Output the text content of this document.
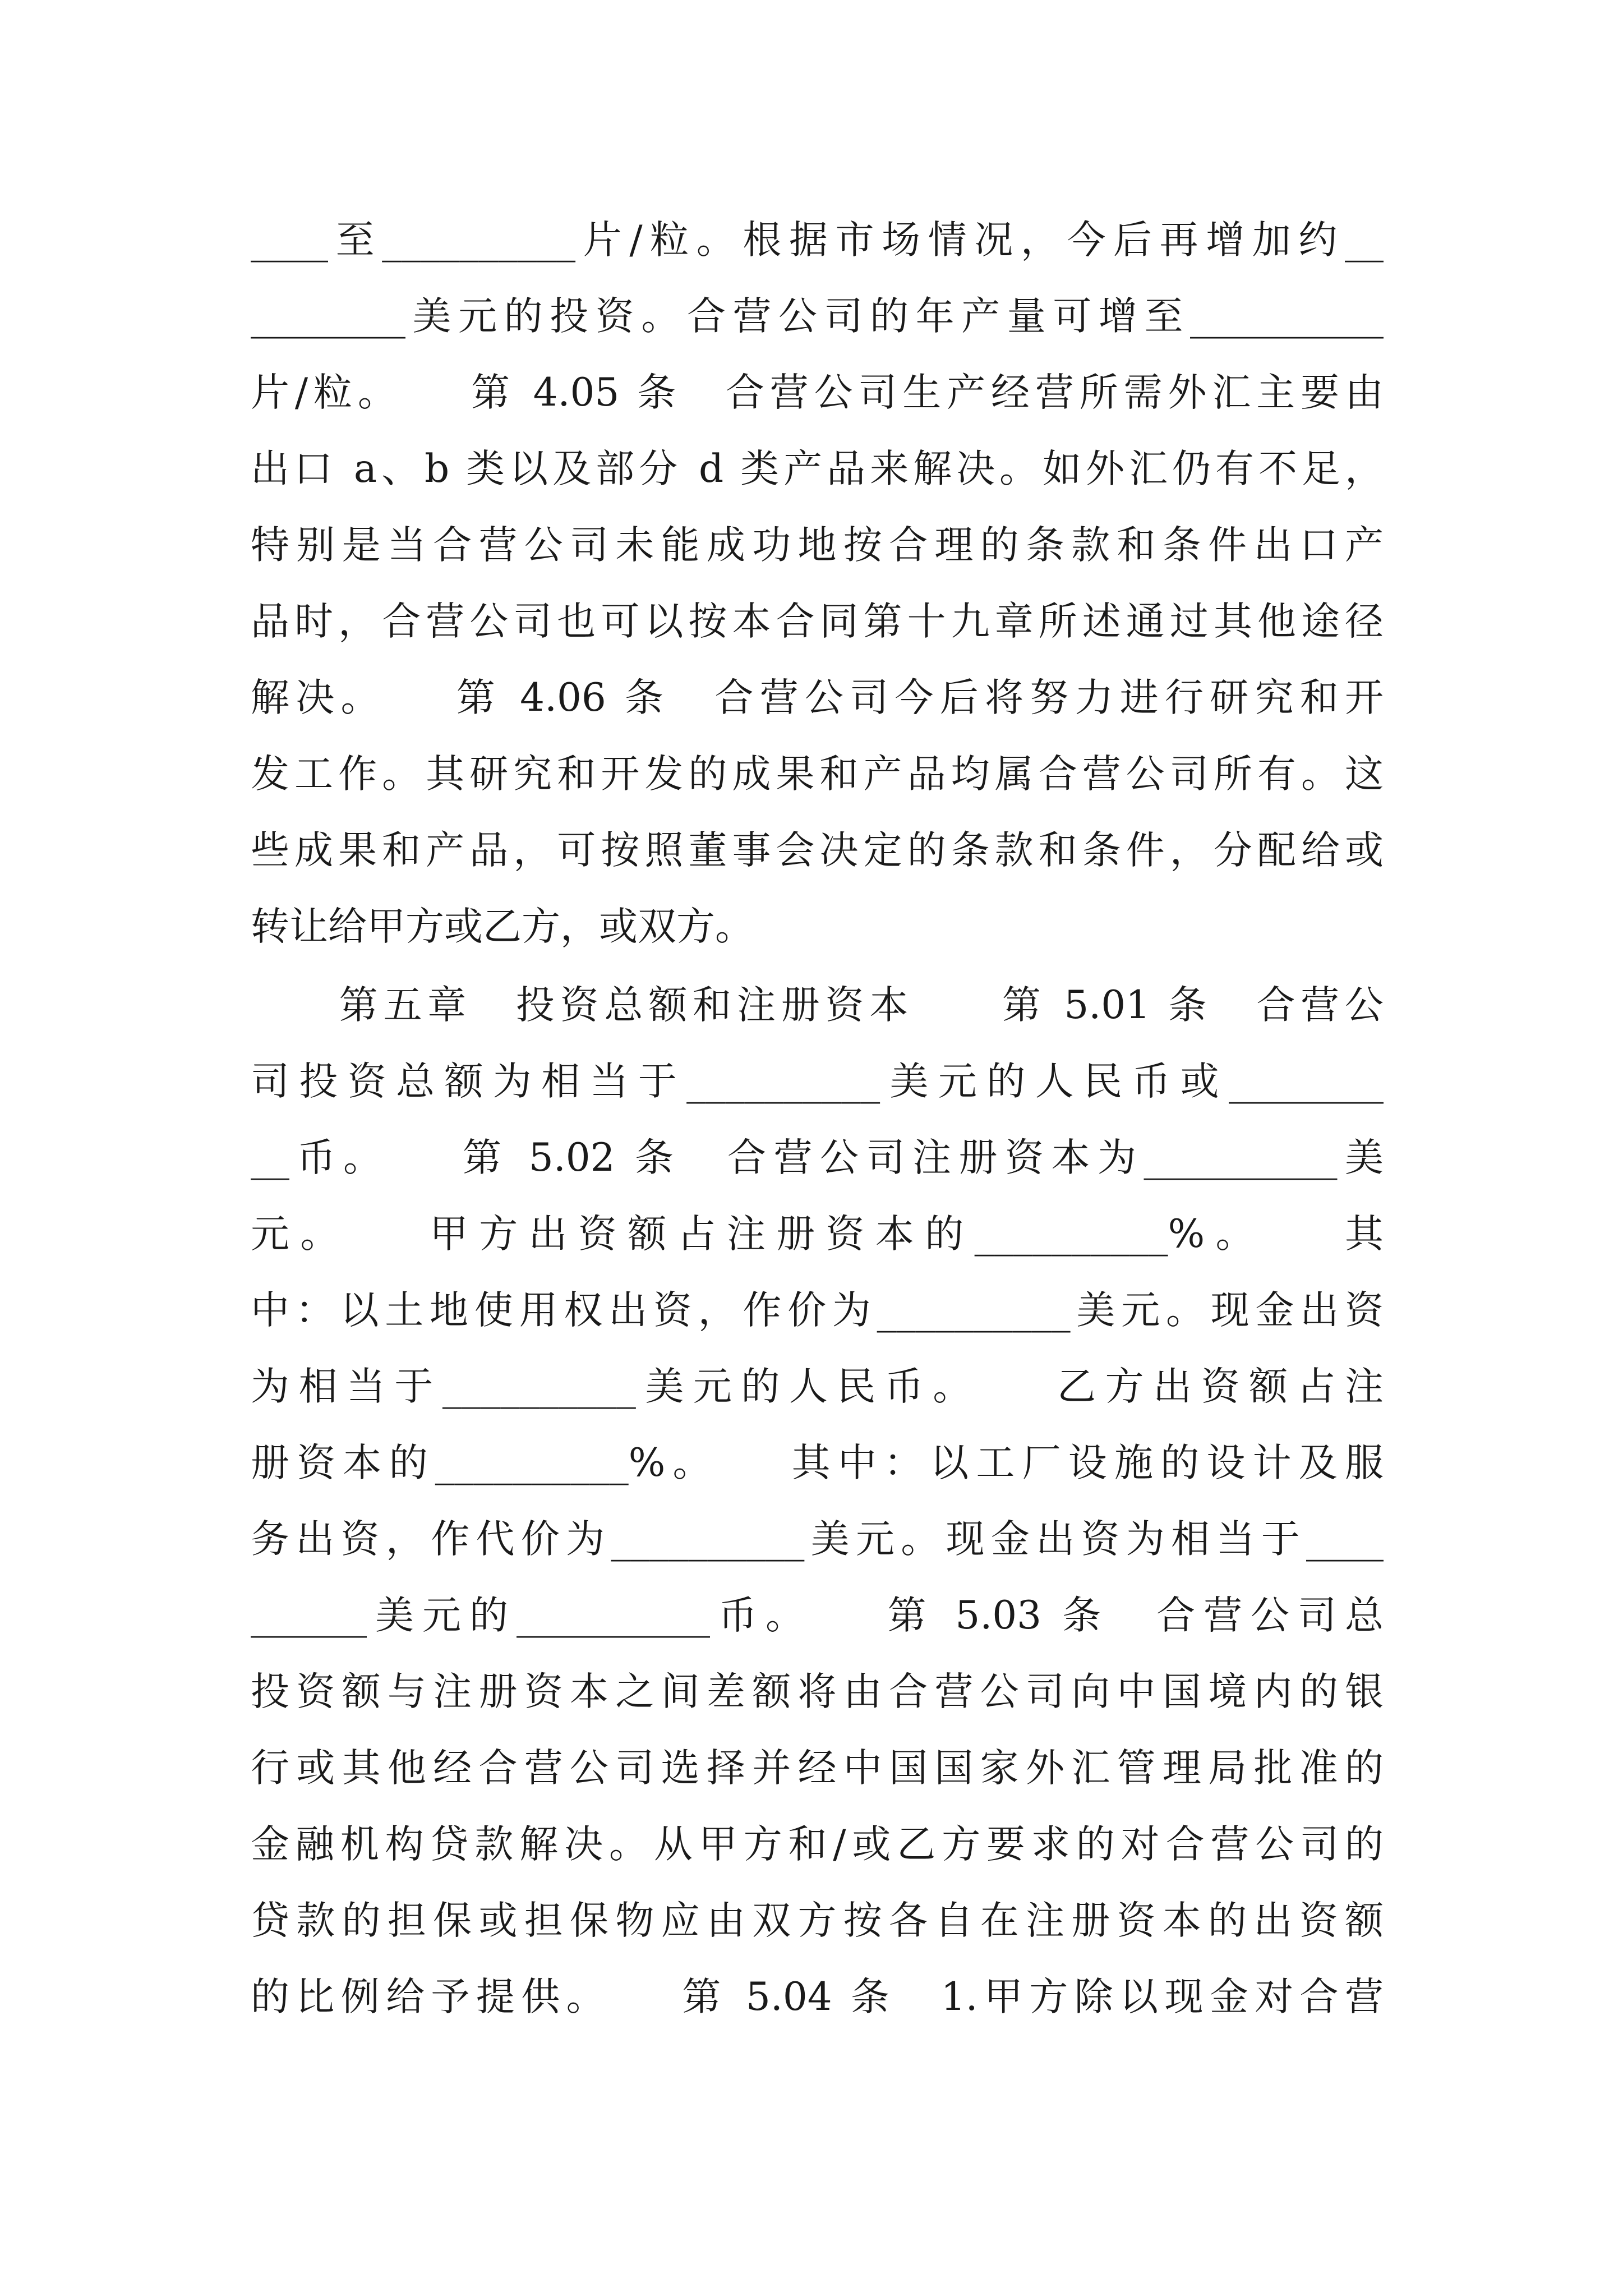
____至__________片/粒。根据市场情况，今后再增加约__
________美元的投资。合营公司的年产量可增至__________
片/粒。　　第 4.05 条　合营公司生产经营所需外汇主要由
出口 a、b 类以及部分 d 类产品来解决。如外汇仍有不足，
特别是当合营公司未能成功地按合理的条款和条件出口产
品时，合营公司也可以按本合同第十九章所述通过其他途径
解决。　　第 4.06 条　合营公司今后将努力进行研究和开
发工作。其研究和开发的成果和产品均属合营公司所有。这
些成果和产品，可按照董事会决定的条款和条件，分配给或
转让给甲方或乙方，或双方。
　　第五章　投资总额和注册资本　　第 5.01 条　合营公
司投资总额为相当于__________美元的人民币或________
__币。　　第 5.02 条　合营公司注册资本为__________美
元。　　甲方出资额占注册资本的__________%。　　其
中：以土地使用权出资，作价为__________美元。现金出资
为相当于__________美元的人民币。　　乙方出资额占注
册资本的__________%。　　其中：以工厂设施的设计及服
务出资，作代价为__________美元。现金出资为相当于____
______美元的__________币。　　第 5.03 条　合营公司总
投资额与注册资本之间差额将由合营公司向中国境内的银
行或其他经合营公司选择并经中国国家外汇管理局批准的
金融机构贷款解决。从甲方和/或乙方要求的对合营公司的
贷款的担保或担保物应由双方按各自在注册资本的出资额
的比例给予提供。　　第 5.04 条　1.甲方除以现金对合营
